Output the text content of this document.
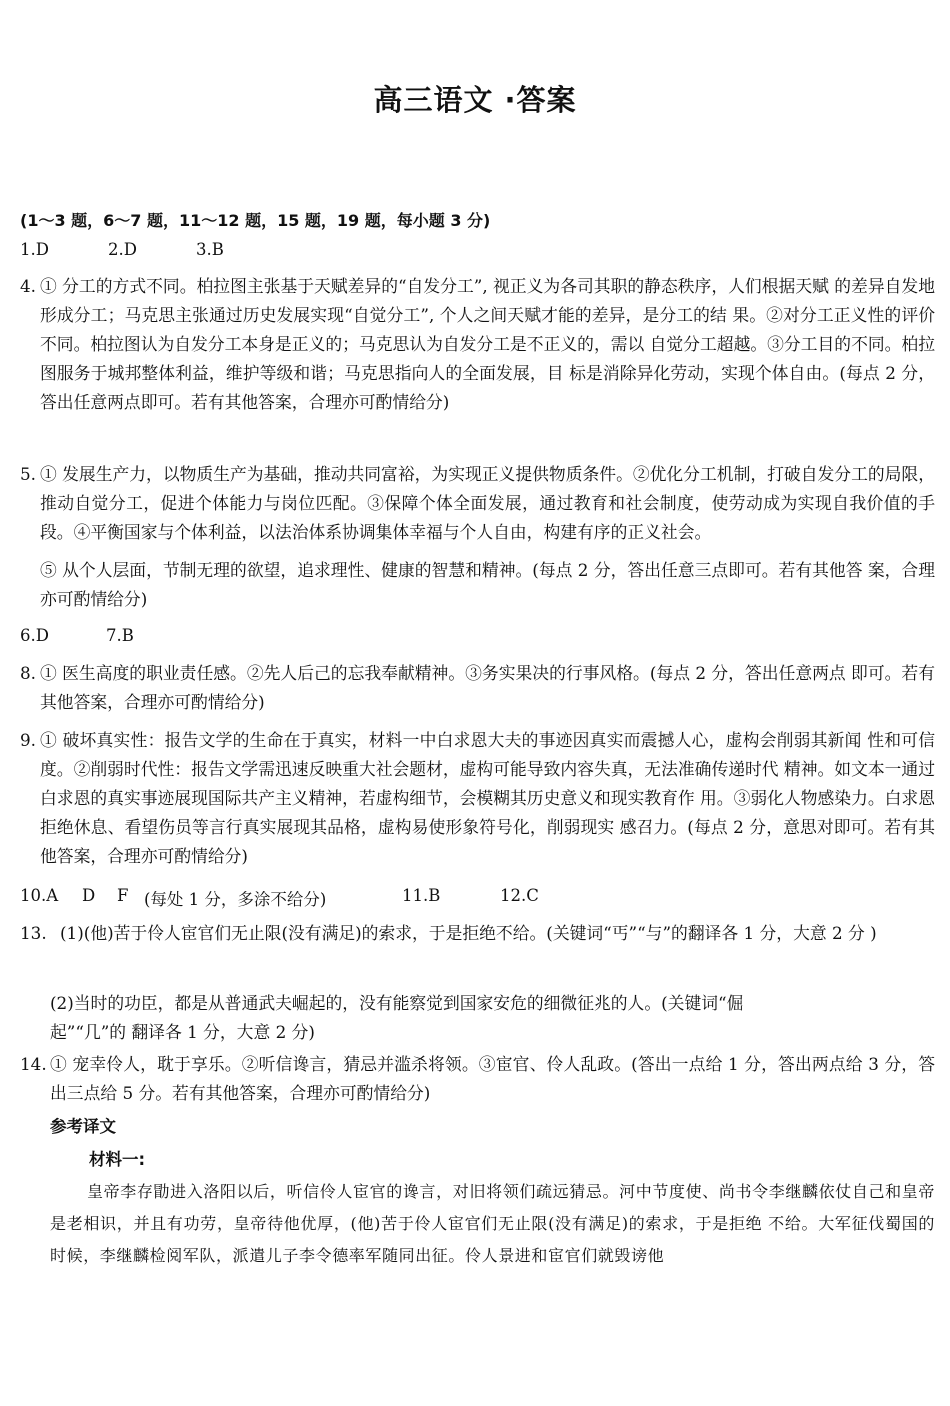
高三语文 ·答案
(1～3 题，6～7 题，11～12 题，15 题，19 题，每小题 3 分)
1.D	2.D	3.B
4. ① 分工的方式不同。柏拉图主张基于天赋差异的“自发分工”, 视正义为各司其职的静态秩序，人们根据天赋 的差异自发地形成分工；马克思主张通过历史发展实现“自觉分工”, 个人之间天赋才能的差异，是分工的结 果。②对分工正义性的评价不同。柏拉图认为自发分工本身是正义的；马克思认为自发分工是不正义的，需以 自觉分工超越。③分工目的不同。柏拉图服务于城邦整体利益，维护等级和谐；马克思指向人的全面发展，目 标是消除异化劳动，实现个体自由。(每点 2 分，答出任意两点即可。若有其他答案，合理亦可酌情给分)
5. ① 发展生产力，以物质生产为基础，推动共同富裕，为实现正义提供物质条件。②优化分工机制，打破自发分工的局限，推动自觉分工，促进个体能力与岗位匹配。③保障个体全面发展，通过教育和社会制度，使劳动成为实现自我价值的手段。④平衡国家与个体利益，以法治体系协调集体幸福与个人自由，构建有序的正义社会。
⑤ 从个人层面，节制无理的欲望，追求理性、健康的智慧和精神。(每点 2 分，答出任意三点即可。若有其他答 案，合理亦可酌情给分)
6.D	7.B
8. ① 医生高度的职业责任感。②先人后己的忘我奉献精神。③务实果决的行事风格。(每点 2 分，答出任意两点 即可。若有其他答案，合理亦可酌情给分)
9. ① 破坏真实性：报告文学的生命在于真实，材料一中白求恩大夫的事迹因真实而震撼人心，虚构会削弱其新闻 性和可信度。②削弱时代性：报告文学需迅速反映重大社会题材，虚构可能导致内容失真，无法准确传递时代 精神。如文本一通过白求恩的真实事迹展现国际共产主义精神，若虚构细节，会模糊其历史意义和现实教育作 用。③弱化人物感染力。白求恩拒绝休息、看望伤员等言行真实展现其品格，虚构易使形象符号化，削弱现实 感召力。(每点 2 分，意思对即可。若有其他答案，合理亦可酌情给分)
10.A D F (每处 1 分，多涂不给分)	11.B	12.C
13. (1)(他)苦于伶人宦官们无止限(没有满足)的索求，于是拒绝不给。(关键词“丐”“与”的翻译各 1 分，大意 2 分 )
(2)当时的功臣，都是从普通武夫崛起的，没有能察觉到国家安危的细微征兆的人。(关键词“倔
起”“几”的 翻译各 1 分，大意 2 分)
14. ① 宠幸伶人，耽于享乐。②听信谗言，猜忌并滥杀将领。③宦官、伶人乱政。(答出一点给 1 分，答出两点给 3 分，答出三点给 5 分。若有其他答案，合理亦可酌情给分)
参考译文
材料一:
皇帝李存勖进入洛阳以后，听信伶人宦官的谗言，对旧将领们疏远猜忌。河中节度使、尚书令李继麟依仗自己和皇帝是老相识，并且有功劳，皇帝待他优厚，(他)苦于伶人宦官们无止限(没有满足)的索求，于是拒绝 不给。大军征伐蜀国的时候，李继麟检阅军队，派遣儿子李令德率军随同出征。伶人景进和宦官们就毁谤他
